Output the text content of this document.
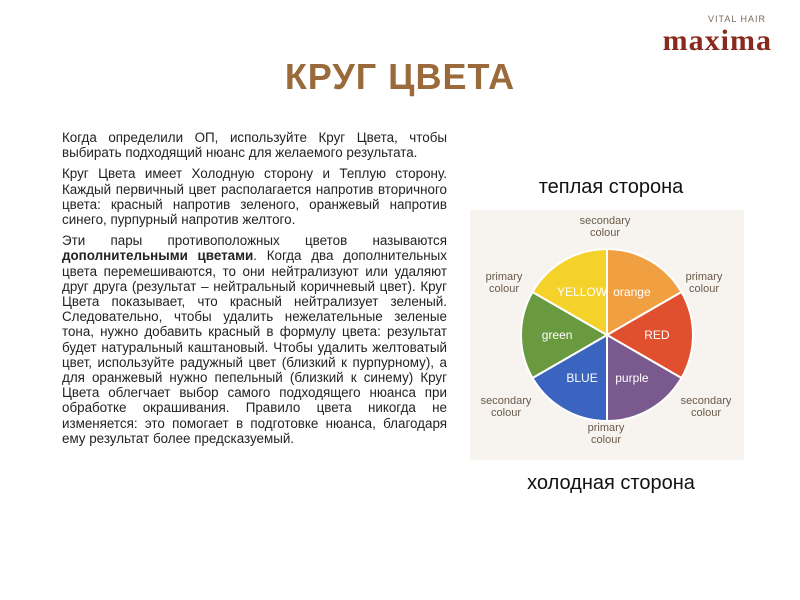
VITAL HAIR
maxima
КРУГ ЦВЕТА

Когда определили ОП, используйте Круг Цвета, чтобы выбирать подходящий нюанс для желаемого результата.

Круг Цвета имеет Холодную сторону и Теплую сторону. Каждый первичный цвет располагается напротив вторичного цвета: красный напротив зеленого, оранжевый напротив синего, пурпурный напротив желтого.

Эти пары противоположных цветов называются дополнительными цветами. Когда два дополнительных цвета перемешиваются, то они нейтрализуют или удаляют друг друга (результат – нейтральный коричневый цвет). Круг Цвета показывает, что красный нейтрализует зеленый. Следовательно, чтобы удалить нежелательные зеленые тона, нужно добавить красный в формулу цвета: результат будет натуральный каштановый. Чтобы удалить желтоватый цвет, используйте радужный цвет (близкий к пурпурному), а для оранжевый нужно пепельный (близкий к синему) Круг Цвета облегчает выбор самого подходящего нюанса при обработке окрашивания. Правило цвета никогда не изменяется: это помогает в подготовке нюанса, благодаря ему результат более предсказуемый.

теплая сторона
orange
RED
purple
BLUE
green
YELLOW
secondary colour
primary colour
secondary colour
primary colour
secondary colour
primary colour
холодная сторона
